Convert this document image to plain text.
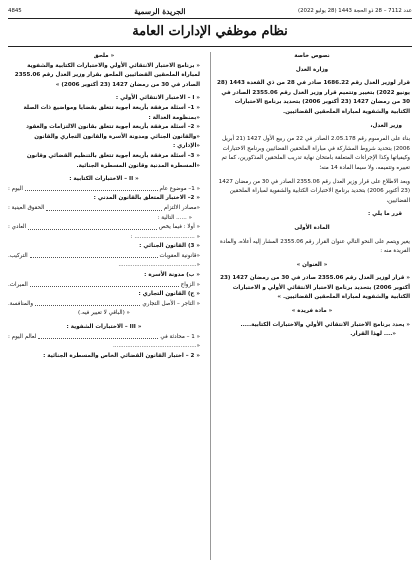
عدد 7112 – 28 ذو الحجة 1443 (28 يوليو 2022)
الجريدة الرسمية
4845
نظام موظفي الإدارات العامة

نصوص خاصة

وزارة العدل

قرار لوزير العدل رقم 1686.22 صادر في 28 من ذي القعدة 1443 (28 يونيو 2022) بتغيير وتتميم قرار وزير العدل رقم 2355.06 الصادر في 30 من رمضان 1427 (23 أكتوبر 2006) بتحديد برنامج الاختبارات الكتابية والشفوية لمباراة الملحقين القضائيين.

وزير العدل،

بناء على المرسوم رقم 2.05.178 الصادر في 22 من ربيع الأول 1427 (21 أبريل 2006) بتحديد شروط المشاركة في مباراة الملحقين القضائيين وبرنامج الاختبارات وكيفياتها وكذا الإجراءات المتعلقة بامتحان نهاية تدريب الملحقين المذكورين، كما تم تغييره وتتميمه، ولا سيما المادة 14 منه؛

وبعد الاطلاع على قرار وزير العدل رقم 2355.06 الصادر في 30 من رمضان 1427 (23 أكتوبر 2006) بتحديد برنامج الاختبارات الكتابية والشفوية لمباراة الملحقين القضائيين،

قرر ما يلي :

المادة الأولى

يغير ويتمم على النحو التالي عنوان القرار رقم 2355.06 المشار إليه أعلاه، والمادة الفريدة منه :

« العنوان »

« قرار لوزير العدل رقم 2355.06 صادر في 30 من رمضان 1427 (23 أكتوبر 2006) بتحديد برنامج الاختبار الانتقائي الأولي و الاختبارات الكتابية والشفوية لمباراة الملحقين القضائيين. »

« مادة فريدة »

« يحدد برنامج الاختبار الانتقائي الأولي والاختبارات الكتابية.....

«.... لهذا القرار.

« ملحق

« برنامج الاختبار الانتقائي الأولي والاختبارات الكتابية والشفوية لمباراة الملحقين القضائيين الملحق بقرار وزير العدل رقم 2355.06 الصادر في 30 من رمضان 1427 (23 أكتوبر 2006) »

« I – الاختبار الانتقائي الأولي :

« 1– أسئلة مرفقة بأربعة أجوبة تتعلق بقضايا ومواضيع ذات الصلة

«بمنظومة العدالة :

« 2– أسئلة مرفقة بأربعة أجوبة تتعلق بقانون الالتزامات والعقود

«والقانون الجنائي ومدونة الأسرة والقانون التجاري والقانون

«الإداري :

« 3– أسئلة مرفقة بأربعة أجوبة تتعلق بالتنظيم القضائي وقانون

«المسطرة المدنية وقانون المسطرة الجنائية.

« II – الاختبارات الكتابية :

« 1– موضوع عام
اليوم :

« 2– الاختبار المتعلق بالقانون المدني :

«مصادر الالتزام
الحقوق العينية :

« ...... التالية :

« أولا : فيما يخص
العادي :

« .................................. :

« 3) القانون الجنائي :

«قانونية العقوبات
التركيب.

«............................................

« ب) مدونة الأسرة :

« الزواج
الميراث.

« ج) القانون التجاري :

« التاجر – الأصل التجاري
والمنافسة.

« (الباقي لا تغيير فيه.)

« III – الاختبارات الشفوية :

« 1 – محادثة في
لعالم اليوم :

«...............................................

« 2 – اختبار القانون القضائي الخاص والمسطرة الجنائية :
